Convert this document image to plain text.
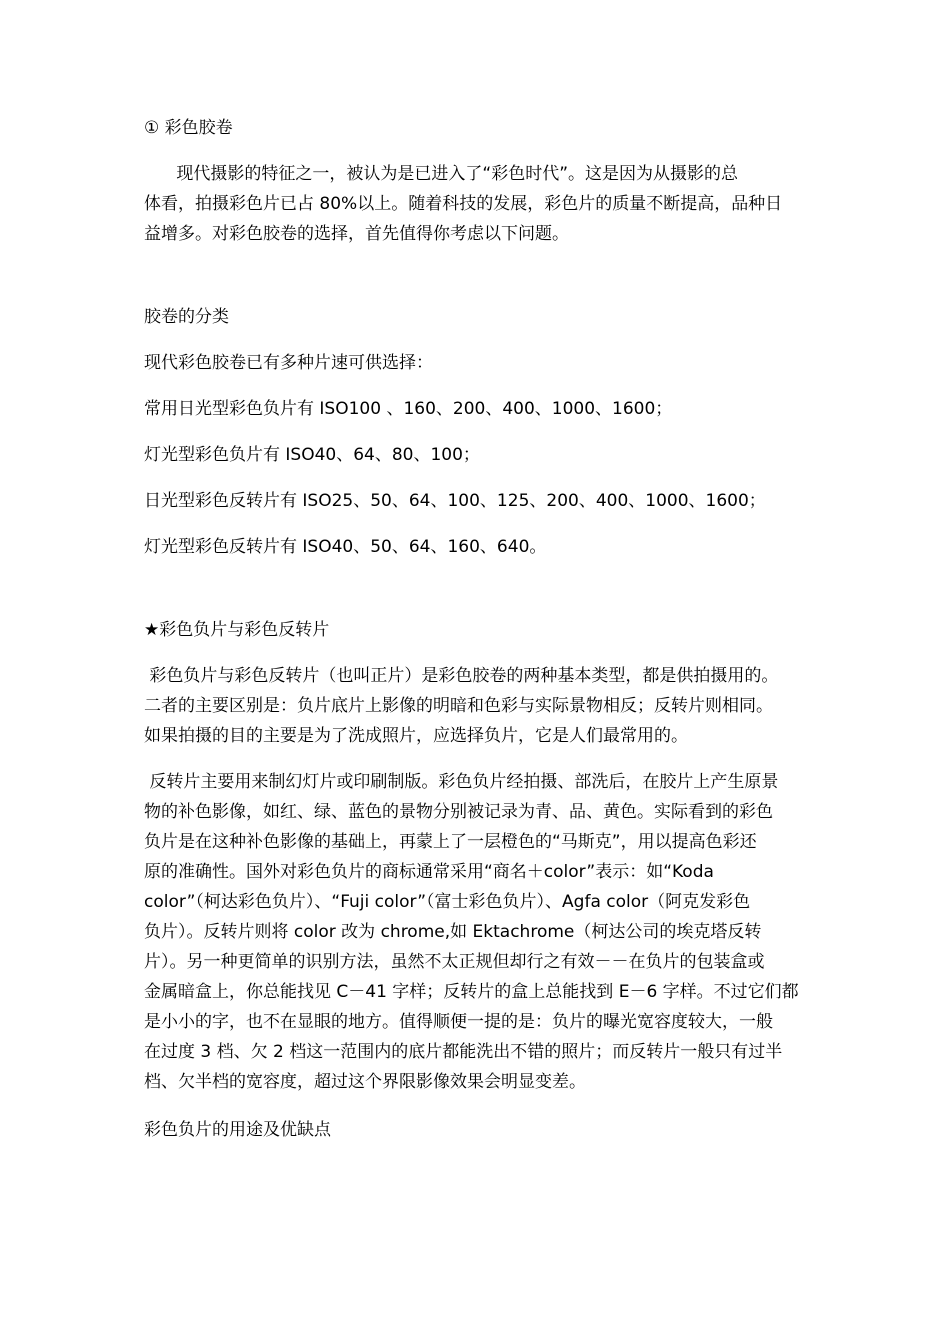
① 彩色胶卷

现代摄影的特征之一，被认为是已进入了“彩色时代”。这是因为从摄影的总
体看，拍摄彩色片已占 80%以上。随着科技的发展，彩色片的质量不断提高，品种日
益增多。对彩色胶卷的选择，首先值得你考虑以下问题。

胶卷的分类

现代彩色胶卷已有多种片速可供选择：

常用日光型彩色负片有 ISO100 、160、200、400、1000、1600；

灯光型彩色负片有 ISO40、64、80、100；

日光型彩色反转片有 ISO25、50、64、100、125、200、400、1000、1600；

灯光型彩色反转片有 ISO40、50、64、160、640。

★彩色负片与彩色反转片

彩色负片与彩色反转片（也叫正片）是彩色胶卷的两种基本类型，都是供拍摄用的。
二者的主要区别是：负片底片上影像的明暗和色彩与实际景物相反；反转片则相同。
如果拍摄的目的主要是为了洗成照片，应选择负片，它是人们最常用的。
反转片主要用来制幻灯片或印刷制版。彩色负片经拍摄、部洗后，在胶片上产生原景
物的补色影像，如红、绿、蓝色的景物分别被记录为青、品、黄色。实际看到的彩色
负片是在这种补色影像的基础上，再蒙上了一层橙色的“马斯克”，用以提高色彩还
原的准确性。国外对彩色负片的商标通常采用“商名＋color”表示：如“Koda
color”（柯达彩色负片）、“Fuji color”（富士彩色负片）、Agfa color（阿克发彩色
负片）。反转片则将 color 改为 chrome,如 Ektachrome（柯达公司的埃克塔反转
片）。另一种更简单的识别方法，虽然不太正规但却行之有效－－在负片的包装盒或
金属暗盒上，你总能找见 C－41 字样；反转片的盒上总能找到 E－6 字样。不过它们都
是小小的字，也不在显眼的地方。值得顺便一提的是：负片的曝光宽容度较大，一般
在过度 3 档、欠 2 档这一范围内的底片都能洗出不错的照片；而反转片一般只有过半
档、欠半档的宽容度，超过这个界限影像效果会明显变差。

彩色负片的用途及优缺点
